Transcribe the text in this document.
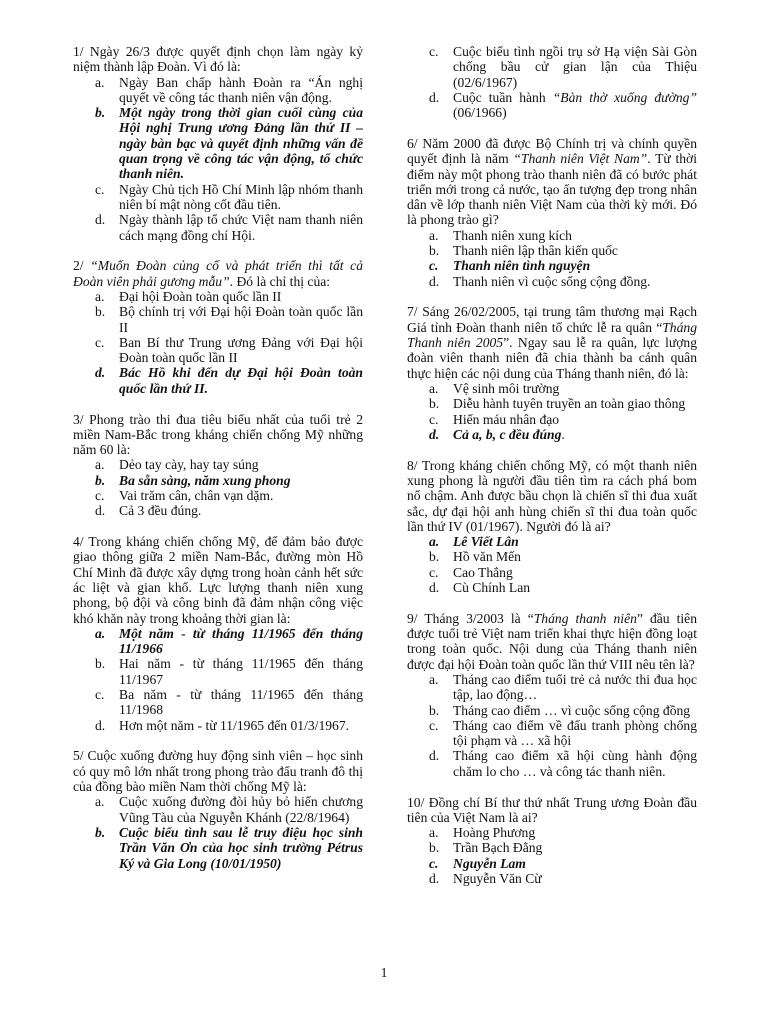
1/ Ngày 26/3 được quyết định chọn làm ngày kỷ niệm thành lập Đoàn. Vì đó là:
a.	Ngày Ban chấp hành Đoàn ra “Án nghị quyết về công tác thanh niên vận động.
b.	Một ngày trong thời gian cuối cùng của Hội nghị Trung ương Đảng lần thứ II – ngày bàn bạc và quyết định những vấn đề quan trọng về công tác vận động, tổ chức thanh niên.
c.	Ngày Chủ tịch Hồ Chí Minh lập nhóm thanh niên bí mật nòng cốt đầu tiên.
d.	Ngày thành lập tổ chức Việt nam thanh niên cách mạng đồng chí Hội.
2/ “Muốn Đoàn củng cố và phát triển thì tất cả Đoàn viên phải gương mẫu”. Đó là chỉ thị của:
a.	Đại hội Đoàn toàn quốc lần II
b.	Bộ chính trị với Đại hội Đoàn toàn quốc lần II
c.	Ban Bí thư Trung ương Đảng với Đại hội Đoàn toàn quốc lần II
d.	Bác Hồ khi đến dự Đại hội Đoàn toàn quốc lần thứ II.
3/ Phong trào thi đua tiêu biểu nhất của tuổi trẻ 2 miền Nam-Bắc trong kháng chiến chống Mỹ những năm 60 là:
a.	Dẻo tay cày, hay tay súng
b.	Ba sẵn sàng, năm xung phong
c.	Vai trăm cân, chân vạn dặm.
d.	Cả 3 đều đúng.
4/ Trong kháng chiến chống Mỹ, để đảm bảo được giao thông giữa 2 miền Nam-Bắc, đường mòn Hồ Chí Minh đã được xây dựng trong hoàn cảnh hết sức ác liệt và gian khổ. Lực lượng thanh niên xung phong, bộ đội và công binh đã đảm nhận công việc khó khăn này trong khoảng thời gian là:
a.	Một năm - từ tháng 11/1965 đến tháng 11/1966
b.	Hai năm - từ tháng 11/1965 đến tháng 11/1967
c.	Ba năm - từ tháng 11/1965 đến tháng 11/1968
d.	Hơn một năm - từ 11/1965 đến 01/3/1967.
5/ Cuộc xuống đường huy động sinh viên – học sinh có quy mô lớn nhất trong phong trào đấu tranh đô thị của đồng bào miền Nam thời chống Mỹ là:
a.	Cuộc xuống đường đòi hủy bỏ hiến chương Vũng Tàu của Nguyễn Khánh (22/8/1964)
b.	Cuộc biểu tình sau lễ truy điệu học sinh Trần Văn Ơn của học sinh trường Pétrus Ký và Gia Long (10/01/1950)
c.	Cuộc biểu tình ngồi trụ sở Hạ viện Sài Gòn chống bầu cử gian lận của Thiệu (02/6/1967)
d.	Cuộc tuần hành “Bàn thờ xuống đường” (06/1966)
6/ Năm 2000 đã được Bộ Chính trị và chính quyền quyết định là năm “Thanh niên Việt Nam”. Từ thời điểm này một phong trào thanh niên đã có bước phát triển mới trong cả nước, tạo ấn tượng đẹp trong nhân dân về lớp thanh niên Việt Nam của thời kỳ mới. Đó là phong trào gì?
a.	Thanh niên xung kích
b.	Thanh niên lập thân kiến quốc
c.	Thanh niên tình nguyện
d.	Thanh niên vì cuộc sống cộng đồng.
7/ Sáng 26/02/2005, tại trung tâm thương mại Rạch Giá tỉnh Đoàn thanh niên tổ chức lễ ra quân “Tháng Thanh niên 2005”. Ngay sau lễ ra quân, lực lượng đoàn viên thanh niên đã chia thành ba cánh quân thực hiện các nội dung của Tháng thanh niên, đó là:
a.	Vệ sinh môi trường
b.	Diễu hành tuyên truyền an toàn giao thông
c.	Hiến máu nhân đạo
d.	Cả a, b, c đều đúng.
8/ Trong kháng chiến chống Mỹ, có một thanh niên xung phong là người đầu tiên tìm ra cách phá bom nổ chậm. Anh được bầu chọn là chiến sĩ thi đua xuất sắc, dự đại hội anh hùng chiến sĩ thi đua toàn quốc lần thứ IV (01/1967). Người đó là ai?
a.	Lê Viết Lân
b.	Hồ văn Mến
c.	Cao Thắng
d.	Cù Chính Lan
9/ Tháng 3/2003 là “Tháng thanh niên” đầu tiên được tuổi trẻ Việt nam triển khai thực hiện đồng loạt trong toàn quốc. Nội dung của Tháng thanh niên được đại hội Đoàn toàn quốc lần thứ VIII nêu tên là?
a.	Tháng cao điểm tuổi trẻ cả nước thi đua học tập, lao động…
b.	Tháng cao điểm … vì cuộc sống cộng đồng
c.	Tháng cao điểm về đấu tranh phòng chống tội phạm và … xã hội
d.	Tháng cao điểm xã hội cùng hành động chăm lo cho … và công tác thanh niên.
10/ Đồng chí Bí thư thứ nhất Trung ương Đoàn đầu tiên của Việt Nam là ai?
a.	Hoàng Phương
b.	Trần Bạch Đằng
c.	Nguyễn Lam
d.	Nguyễn Văn Cừ
1
